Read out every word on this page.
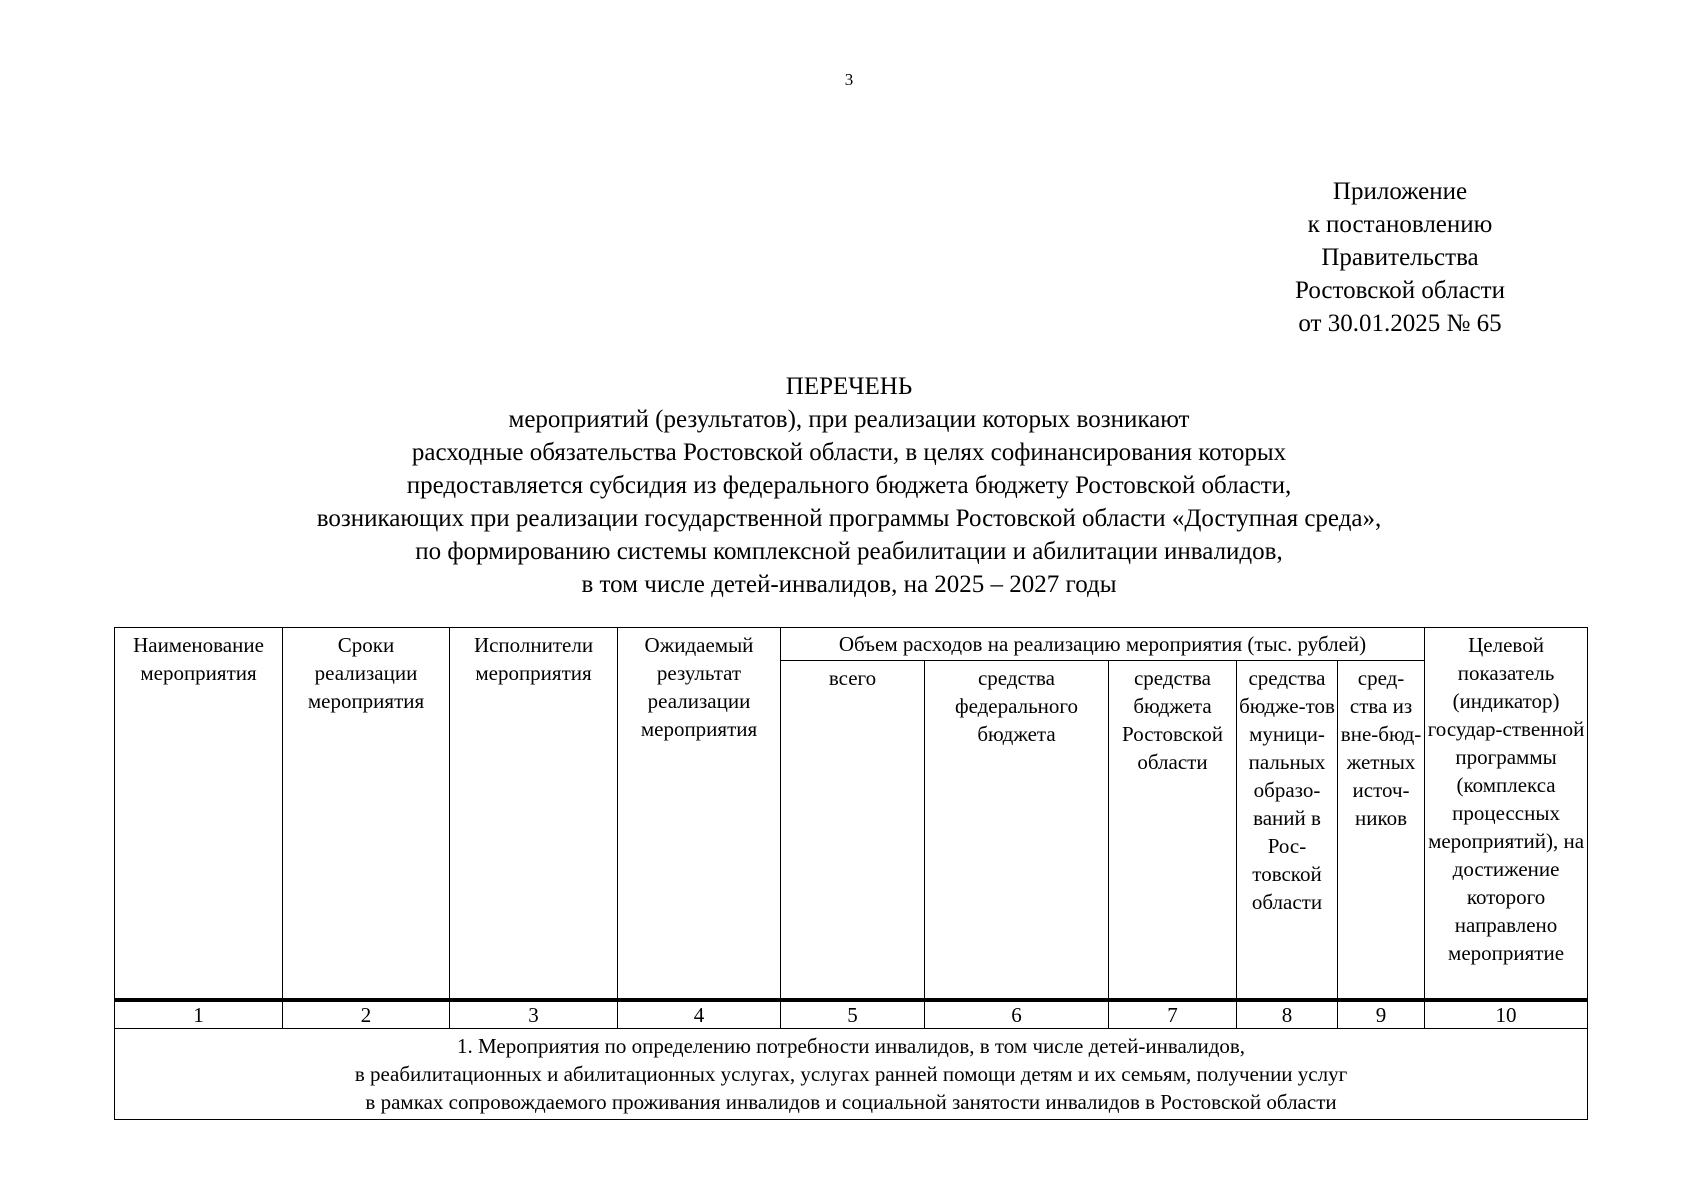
3
Приложение
к постановлению
Правительства
Ростовской области
от 30.01.2025 № 65
ПЕРЕЧЕНЬ
мероприятий (результатов), при реализации которых возникают
расходные обязательства Ростовской области, в целях софинансирования которых
предоставляется субсидия из федерального бюджета бюджету Ростовской области,
возникающих при реализации государственной программы Ростовской области «Доступная среда»,
по формированию системы комплексной реабилитации и абилитации инвалидов,
в том числе детей-инвалидов, на 2025 – 2027 годы
Наименование мероприятия	Сроки реализации мероприятия	Исполнители мероприятия	Ожидаемый результат реализации мероприятия	Объем расходов на реализацию мероприятия (тыс. рублей)					Целевой показатель (индикатор) государ-ственной программы (комплекса процессных мероприятий), на достижение которого направлено мероприятие
				всего	средства федерального бюджета	средства бюджета Ростовской области	средства бюдже-тов муници-пальных образо-ваний в Рос-товской области	сред-ства из вне-бюд-жетных источ-ников	
1	2	3	4	5	6	7	8	9	10

1. Мероприятия по определению потребности инвалидов, в том числе детей-инвалидов,
в реабилитационных и абилитационных услугах, услугах ранней помощи детям и их семьям, получении услуг
в рамках сопровождаемого проживания инвалидов и социальной занятости инвалидов в Ростовской области									
